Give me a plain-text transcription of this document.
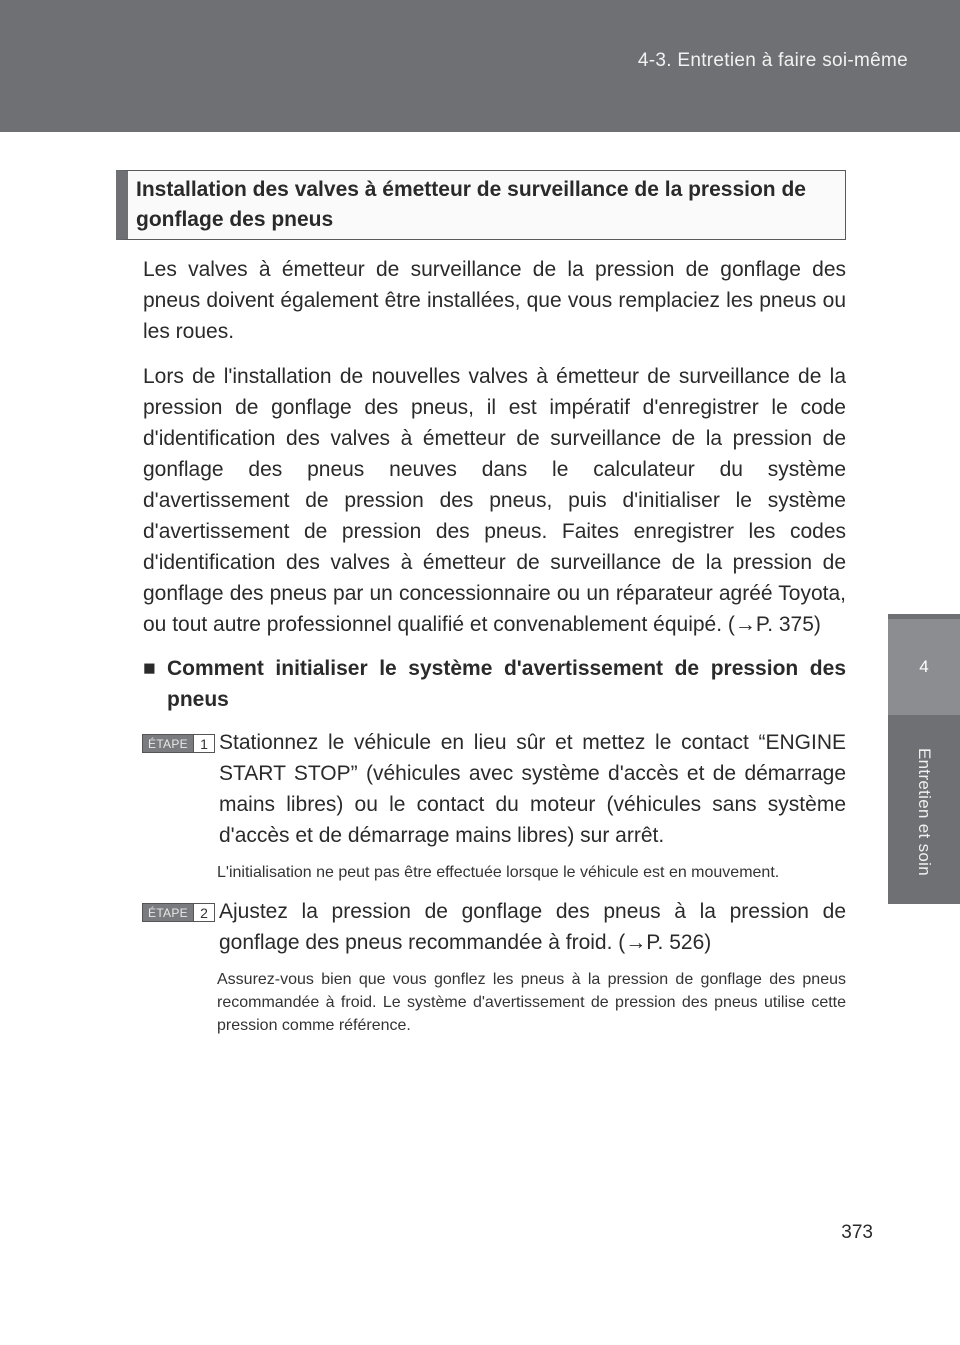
4-3. Entretien à faire soi-même
4
Entretien et soin
Installation des valves à émetteur de surveillance de la pression de gonflage des pneus

Les valves à émetteur de surveillance de la pression de gonflage des pneus doivent également être installées, que vous remplaciez les pneus ou les roues.

Lors de l'installation de nouvelles valves à émetteur de surveillance de la pression de gonflage des pneus, il est impératif d'enregistrer le code d'identification des valves à émetteur de surveillance de la pression de gonflage des pneus neuves dans le calculateur du système d'avertissement de pression des pneus, puis d'initialiser le système d'avertissement de pression des pneus. Faites enregistrer les codes d'identification des valves à émetteur de surveillance de la pression de gonflage des pneus par un concessionnaire ou un réparateur agréé Toyota, ou tout autre professionnel qualifié et convenablement équipé. (→P. 375)

■ Comment initialiser le système d'avertissement de pression des pneus
ÉTAPE 1 Stationnez le véhicule en lieu sûr et mettez le contact “ENGINE START STOP” (véhicules avec système d'accès et de démarrage mains libres) ou le contact du moteur (véhicules sans système d'accès et de démarrage mains libres) sur arrêt.

L'initialisation ne peut pas être effectuée lorsque le véhicule est en mouvement.

ÉTAPE 2 Ajustez la pression de gonflage des pneus à la pression de gonflage des pneus recommandée à froid. (→P. 526)

Assurez-vous bien que vous gonflez les pneus à la pression de gonflage des pneus recommandée à froid. Le système d'avertissement de pression des pneus utilise cette pression comme référence.

373
